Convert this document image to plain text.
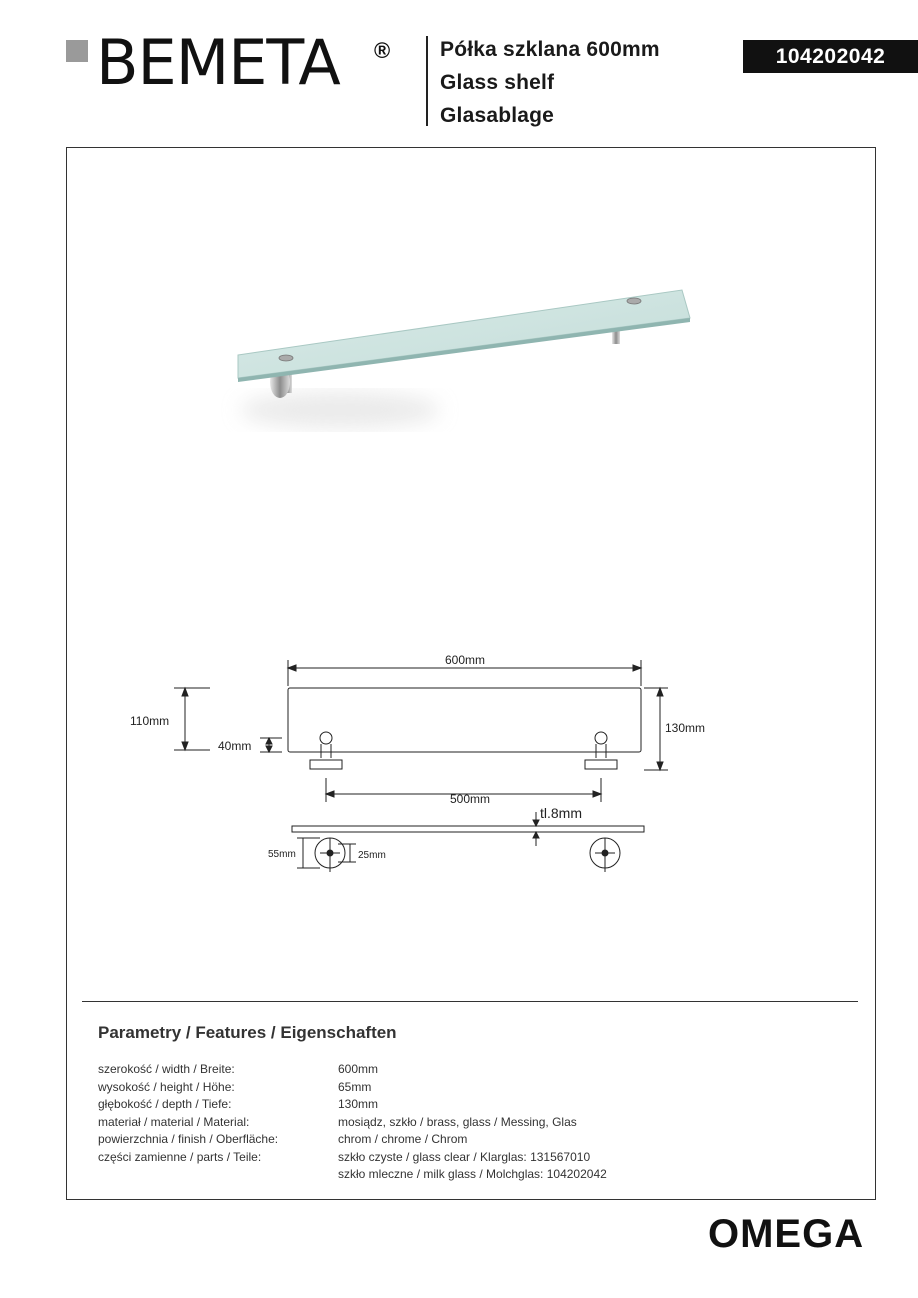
BEMETA ® Półka szklana 600mm
Glass shelf
Glasablage
104202042
600mm
110mm
40mm
130mm
500mm
tl.8mm
55mm	25mm
Parametry / Features / Eigenschaften
szerokość / width / Breite:	600mm
wysokość / height / Höhe:	65mm
głębokość / depth / Tiefe:	130mm
materiał / material / Material:	mosiądz, szkło / brass, glass / Messing, Glas
powierzchnia / finish / Oberfläche:	chrom / chrome / Chrom
części zamienne / parts / Teile:	szkło czyste / glass clear / Klarglas: 131567010
szkło mleczne / milk glass / Molchglas: 104202042
OMEGA
